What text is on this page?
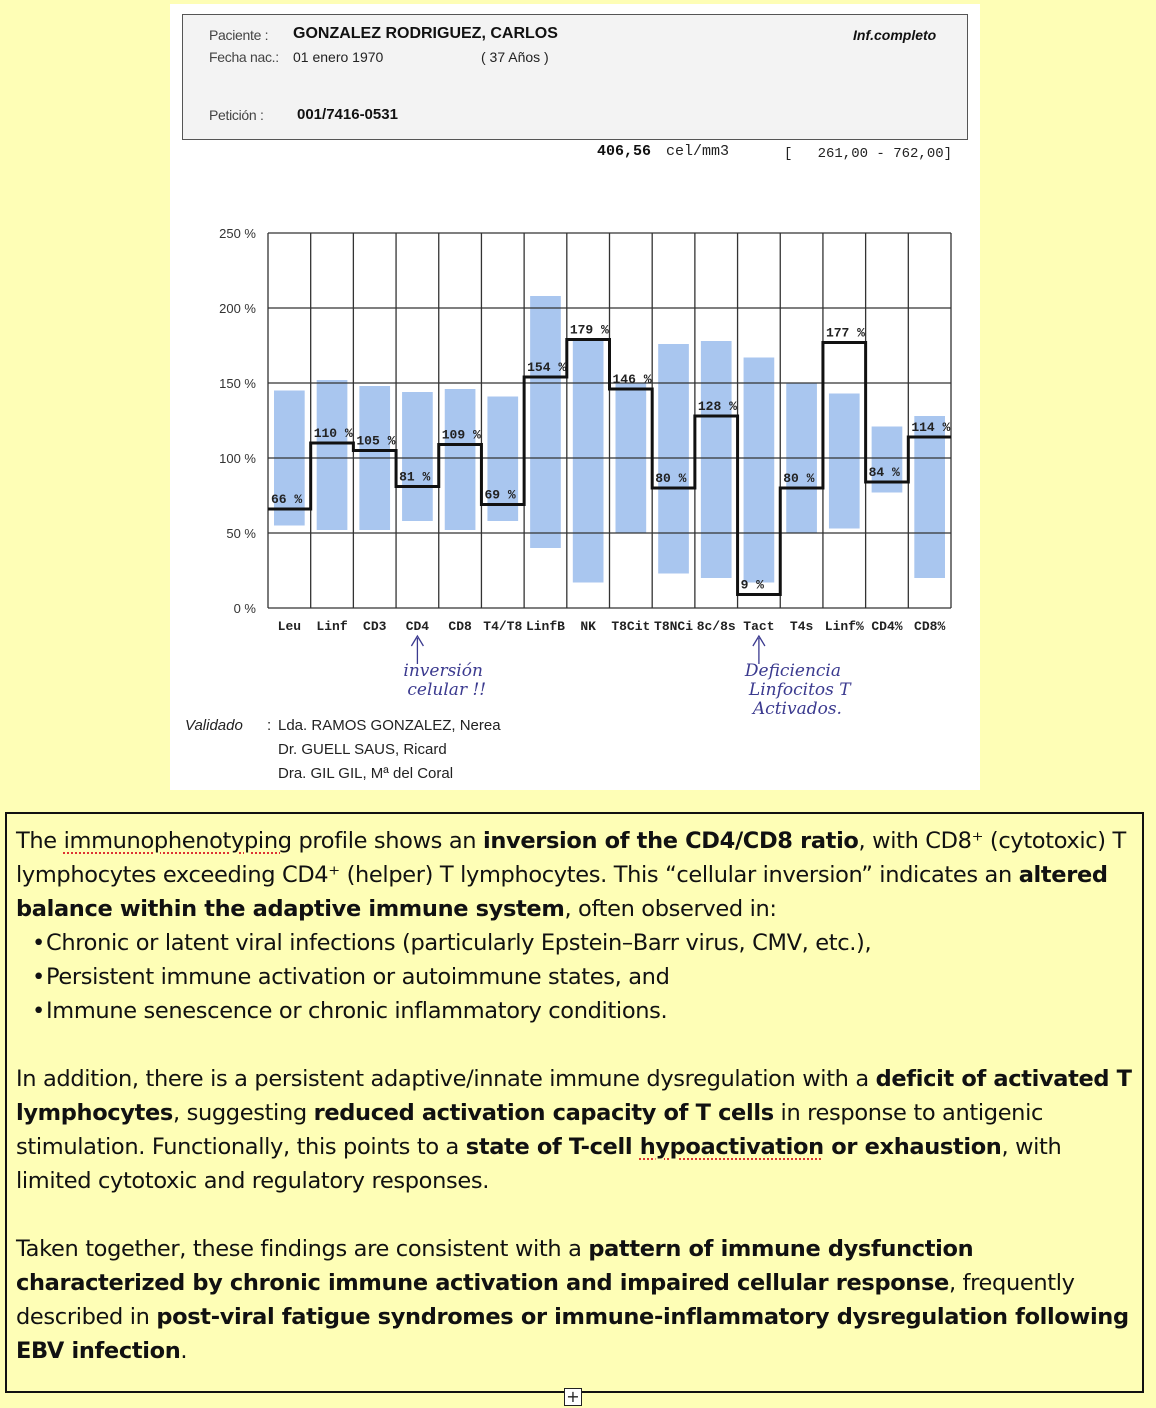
Paciente : GONZALEZ RODRIGUEZ, CARLOS	Inf.completo
Fecha nac.: 01 enero 1970	( 37 Años )
Petición : 001/7416-0531
406,56 cel/mm3	[   261,00 - 762,00]
0 %
50 %
100 %
150 %
200 %
250 %
66 %
110 % 105 %
81 %
109 %
69 %
154 %
179 %
146 %
80 %
128 %
9 %
80 %
177 %
84 %
114 %
Leu Linf CD3 CD4 CD8 T4/T8 LinfB NK T8Cit T8NCi 8c/8s Tact T4s Linf% CD4% CD8%
inversión
celular !!
Deficiencia
Linfocitos T
Activados.
Validado : Lda. RAMOS GONZALEZ, Nerea
Dr. GUELL SAUS, Ricard
Dra. GIL GIL, Mª del Coral

The immunophenotyping profile shows an inversion of the CD4/CD8 ratio, with CD8⁺ (cytotoxic) T lymphocytes exceeding CD4⁺ (helper) T lymphocytes. This “cellular inversion” indicates an altered balance within the adaptive immune system, often observed in:

• Chronic or latent viral infections (particularly Epstein–Barr virus, CMV, etc.),
• Persistent immune activation or autoimmune states, and
• Immune senescence or chronic inflammatory conditions.

In addition, there is a persistent adaptive/innate immune dysregulation with a deficit of activated T lymphocytes, suggesting reduced activation capacity of T cells in response to antigenic stimulation. Functionally, this points to a state of T-cell hypoactivation or exhaustion, with limited cytotoxic and regulatory responses.

Taken together, these findings are consistent with a pattern of immune dysfunction characterized by chronic immune activation and impaired cellular response, frequently described in post-viral fatigue syndromes or immune-inflammatory dysregulation following EBV infection.

+
